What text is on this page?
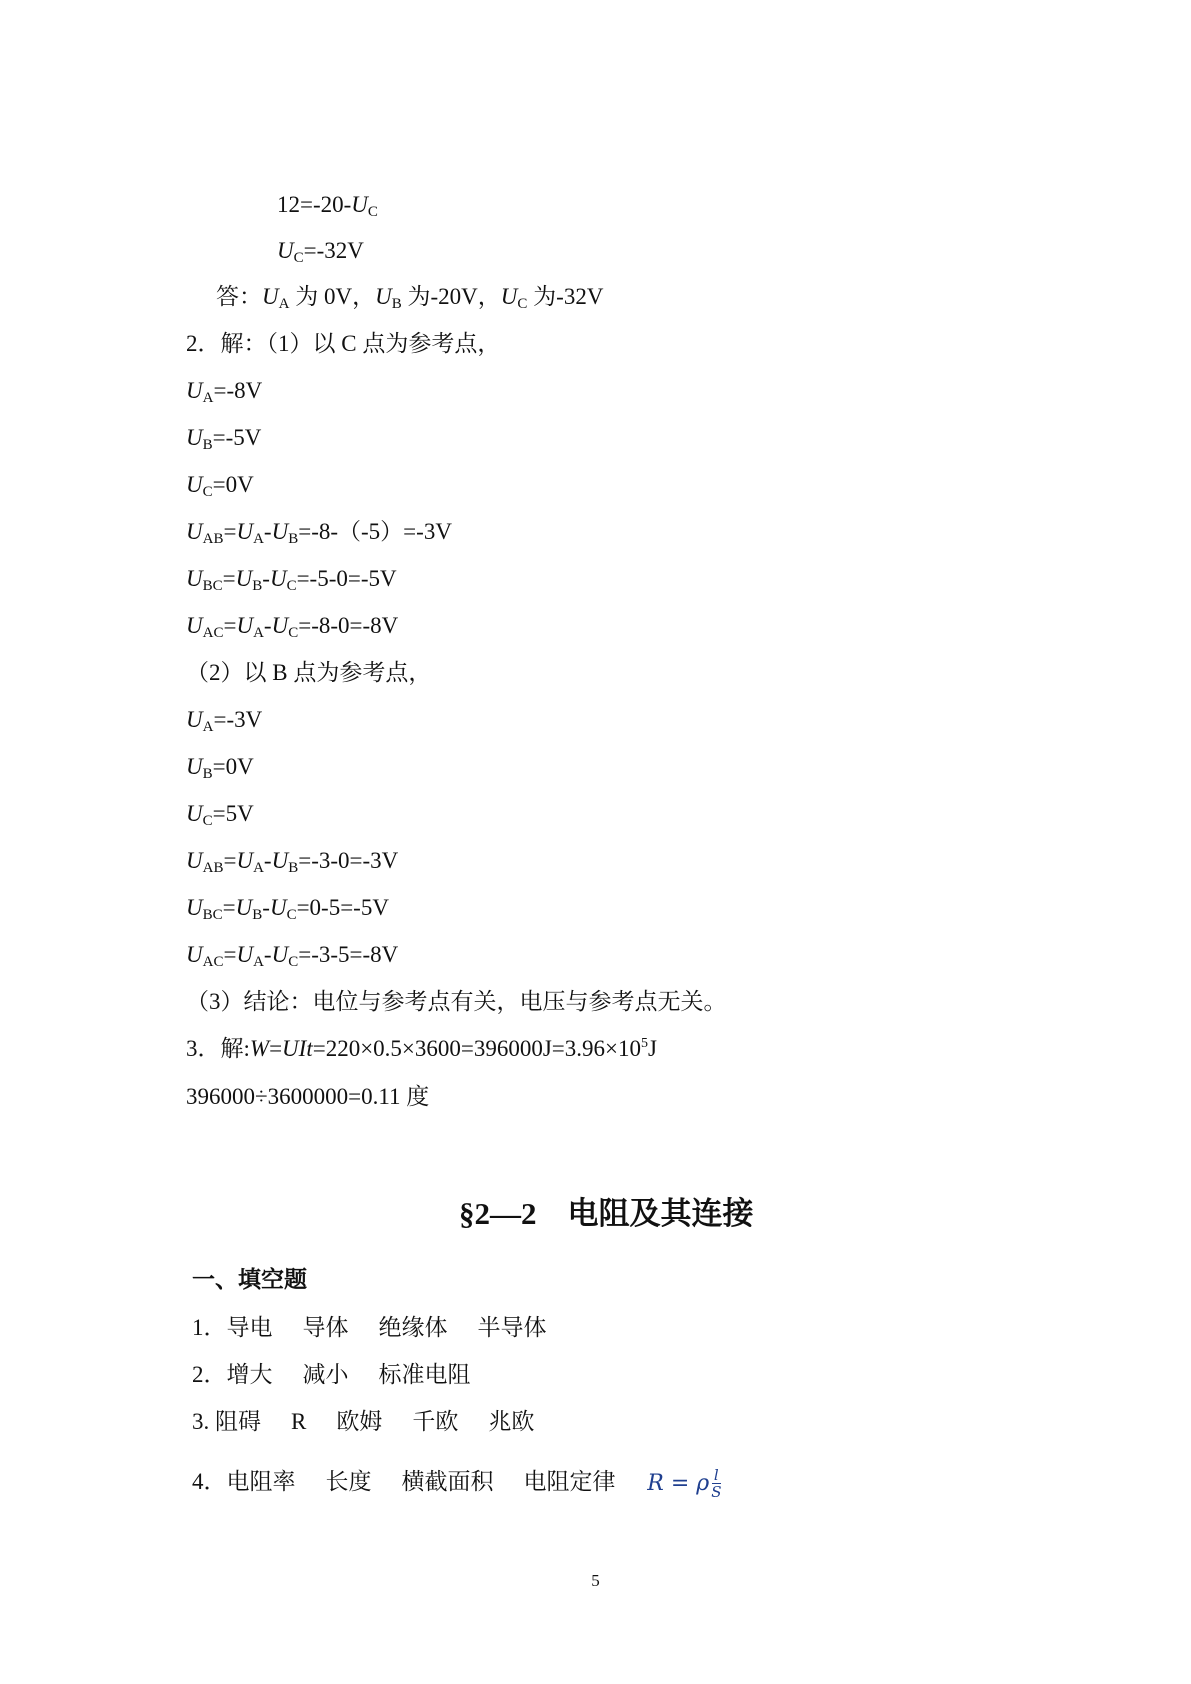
$12=-20-U_C$
$U_C=-32V$
答：$U_A$ 为 0V，$U_B$ 为-20V，$U_C$ 为-32V
2．解：（1）以 C 点为参考点，
$U_A=-8V$
$U_B=-5V$
$U_C=0V$
$U_{AB}=U_A-U_B=-8-(-5)=-3V$
$U_{BC}=U_B-U_C=-5-0=-5V$
$U_{AC}=U_A-U_C=-8-0=-8V$
（2）以 B 点为参考点，
$U_A=-3V$
$U_B=0V$
$U_C=5V$
$U_{AB}=U_A-U_B=-3-0=-3V$
$U_{BC}=U_B-U_C=0-5=-5V$
$U_{AC}=U_A-U_C=-3-5=-8V$
（3）结论：电位与参考点有关，电压与参考点无关。
3．解$:W=UIt=220\times 0.5\times 3600=396000J=3.96\times 10^5J$
396000÷3600000=0.11 度
§2—2　电阻及其连接
一、填空题
1．导电 导体 绝缘体 半导体
2．增大 减小 标准电阻
3. 阻碍 R 欧姆 千欧 兆欧
4．电阻率 长度 横截面积 电阻定律 R = ρ $\frac{l}{S}$
5
